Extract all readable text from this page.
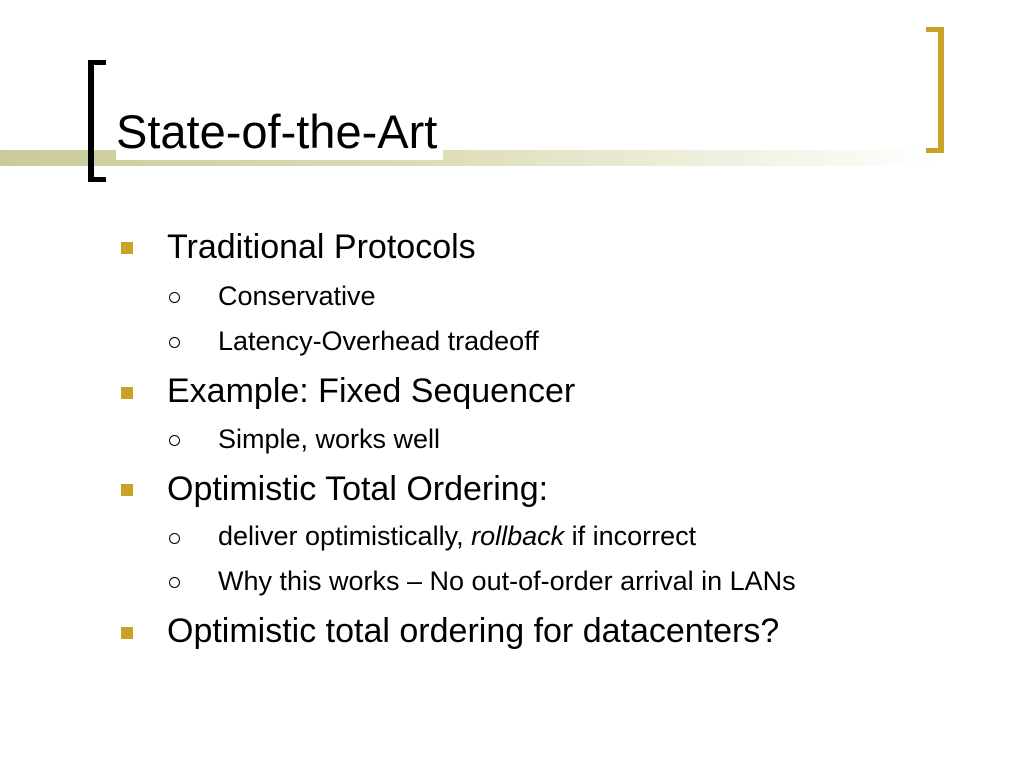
State-of-the-Art
Traditional Protocols
Conservative
Latency-Overhead tradeoff
Example: Fixed Sequencer
Simple, works well
Optimistic Total Ordering:
deliver optimistically, rollback if incorrect
Why this works – No out-of-order arrival in LANs
Optimistic total ordering for datacenters?
